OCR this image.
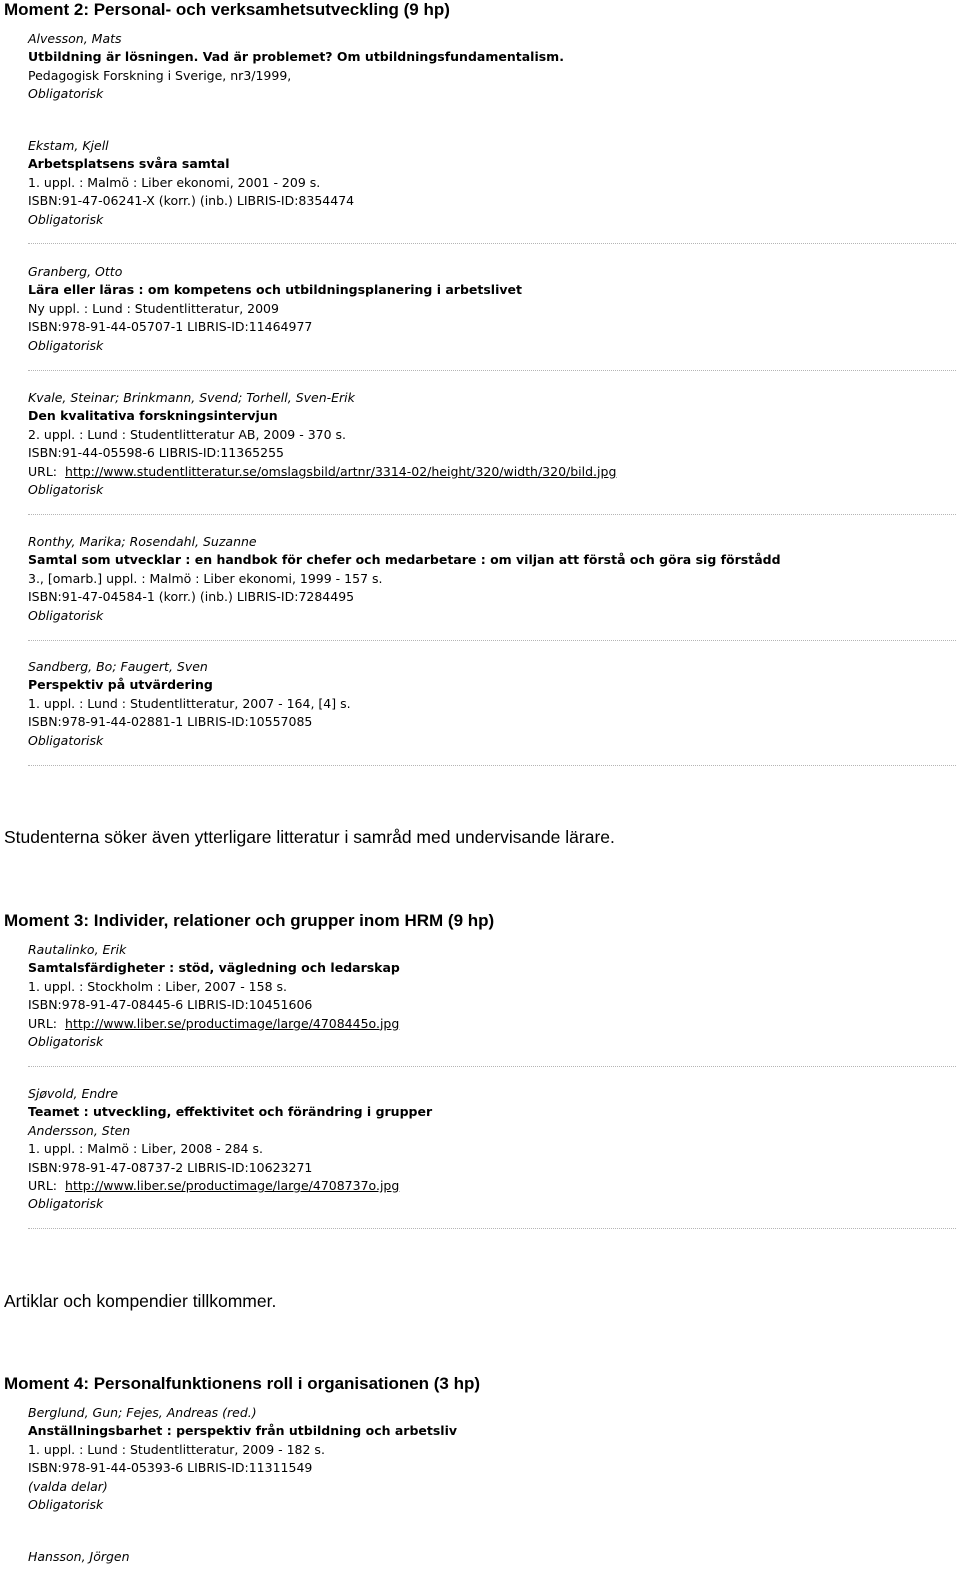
Moment 2: Personal- och verksamhetsutveckling (9 hp)
Alvesson, Mats
Utbildning är lösningen. Vad är problemet? Om utbildningsfundamentalism.
Pedagogisk Forskning i Sverige, nr3/1999,
Obligatorisk
Ekstam, Kjell
Arbetsplatsens svåra samtal
1. uppl. : Malmö : Liber ekonomi, 2001 - 209 s.
ISBN:91-47-06241-X (korr.) (inb.) LIBRIS-ID:8354474
Obligatorisk
Granberg, Otto
Lära eller läras : om kompetens och utbildningsplanering i arbetslivet
Ny uppl. : Lund : Studentlitteratur, 2009
ISBN:978-91-44-05707-1 LIBRIS-ID:11464977
Obligatorisk
Kvale, Steinar; Brinkmann, Svend; Torhell, Sven-Erik
Den kvalitativa forskningsintervjun
2. uppl. : Lund : Studentlitteratur AB, 2009 - 370 s.
ISBN:91-44-05598-6 LIBRIS-ID:11365255
URL: http://www.studentlitteratur.se/omslagsbild/artnr/3314-02/height/320/width/320/bild.jpg
Obligatorisk
Ronthy, Marika; Rosendahl, Suzanne
Samtal som utvecklar : en handbok för chefer och medarbetare : om viljan att förstå och göra sig förstådd
3., [omarb.] uppl. : Malmö : Liber ekonomi, 1999 - 157 s.
ISBN:91-47-04584-1 (korr.) (inb.) LIBRIS-ID:7284495
Obligatorisk
Sandberg, Bo; Faugert, Sven
Perspektiv på utvärdering
1. uppl. : Lund : Studentlitteratur, 2007 - 164, [4] s.
ISBN:978-91-44-02881-1 LIBRIS-ID:10557085
Obligatorisk
Studenterna söker även ytterligare litteratur i samråd med undervisande lärare.
Moment 3: Individer, relationer och grupper inom HRM (9 hp)
Rautalinko, Erik
Samtalsfärdigheter : stöd, vägledning och ledarskap
1. uppl. : Stockholm : Liber, 2007 - 158 s.
ISBN:978-91-47-08445-6 LIBRIS-ID:10451606
URL: http://www.liber.se/productimage/large/4708445o.jpg
Obligatorisk
Sjøvold, Endre
Teamet : utveckling, effektivitet och förändring i grupper
Andersson, Sten
1. uppl. : Malmö : Liber, 2008 - 284 s.
ISBN:978-91-47-08737-2 LIBRIS-ID:10623271
URL: http://www.liber.se/productimage/large/4708737o.jpg
Obligatorisk
Artiklar och kompendier tillkommer.
Moment 4: Personalfunktionens roll i organisationen (3 hp)
Berglund, Gun; Fejes, Andreas (red.)
Anställningsbarhet : perspektiv från utbildning och arbetsliv
1. uppl. : Lund : Studentlitteratur, 2009 - 182 s.
ISBN:978-91-44-05393-6 LIBRIS-ID:11311549
(valda delar)
Obligatorisk
Hansson, Jörgen
